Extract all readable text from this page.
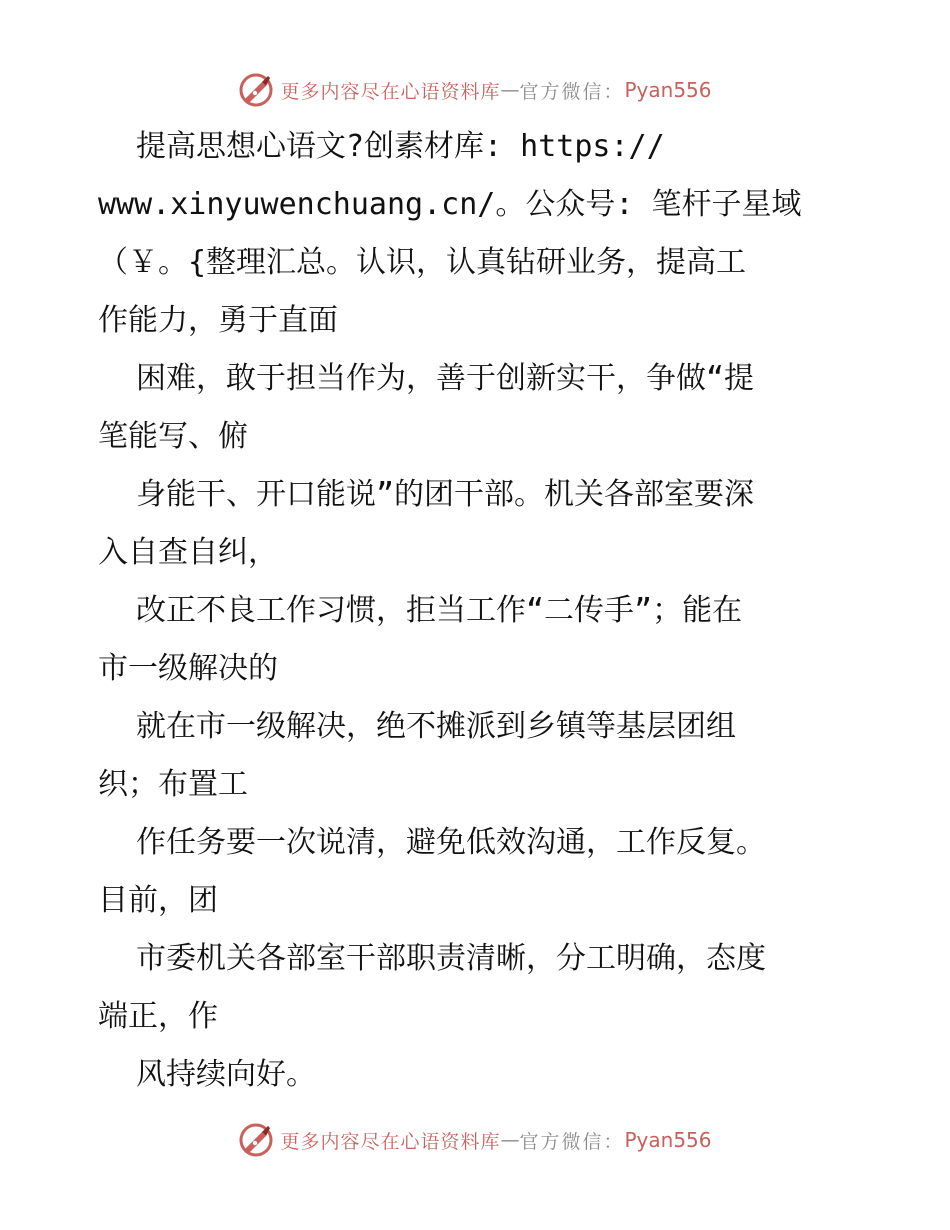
更多内容尽在心语资料库 — 官方微信： Pyan556
提高思想心语文?创素材库: https://
www.xinyuwenchuang.cn/。公众号: 笔杆子星域
（￥。{整理汇总。认识，认真钻研业务，提高工
作能力，勇于直面
困难，敢于担当作为，善于创新实干，争做“提
笔能写、俯
身能干、开口能说”的团干部。机关各部室要深
入自查自纠，
改正不良工作习惯，拒当工作“二传手”；能在
市一级解决的
就在市一级解决，绝不摊派到乡镇等基层团组
织；布置工
作任务要一次说清，避免低效沟通，工作反复。
目前，团
市委机关各部室干部职责清晰，分工明确，态度
端正，作
风持续向好。
更多内容尽在心语资料库 — 官方微信： Pyan556
